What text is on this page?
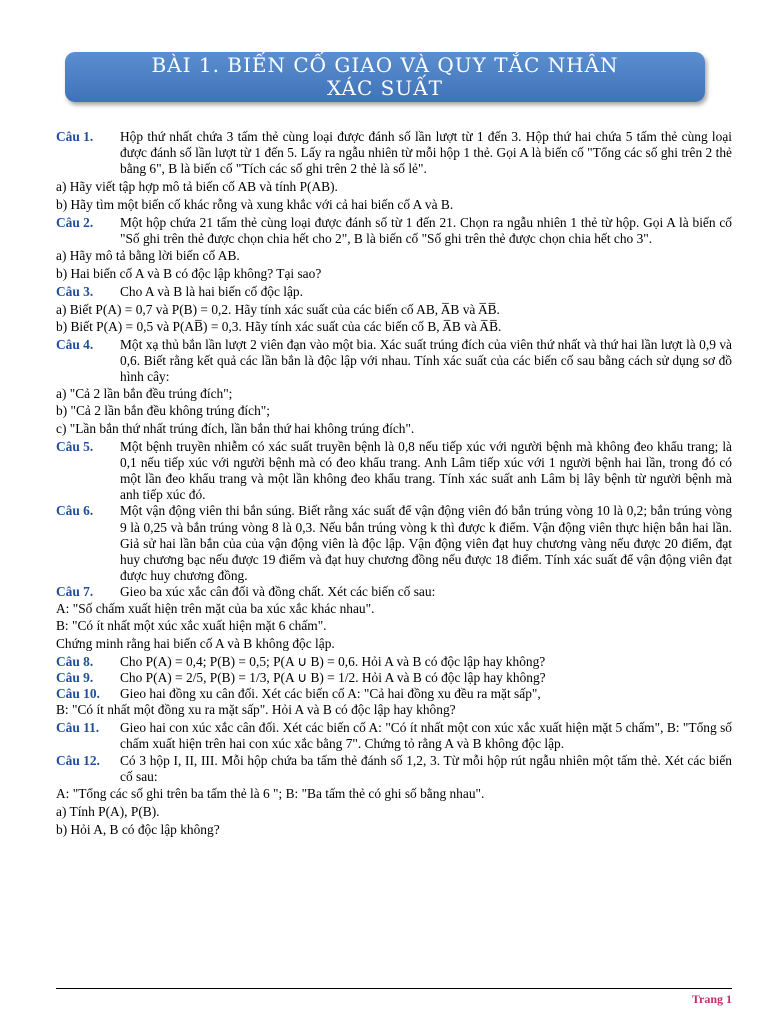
BÀI 1. BIẾN CỐ GIAO VÀ QUY TẮC NHÂN
XÁC SUẤT
Câu 1.	Hộp thứ nhất chứa 3 tấm thẻ cùng loại được đánh số lần lượt từ 1 đến 3. Hộp thứ hai chứa 5 tấm thẻ cùng loại được đánh số lần lượt từ 1 đến 5. Lấy ra ngẫu nhiên từ mỗi hộp 1 thẻ. Gọi A là biến cố "Tổng các số ghi trên 2 thẻ bằng 6", B là biến cố "Tích các số ghi trên 2 thẻ là số lẻ".
a) Hãy viết tập hợp mô tả biến cố AB và tính P(AB).
b) Hãy tìm một biến cố khác rỗng và xung khắc với cả hai biến cố A và B.
Câu 2.	Một hộp chứa 21 tấm thẻ cùng loại được đánh số từ 1 đến 21. Chọn ra ngẫu nhiên 1 thẻ từ hộp. Gọi A là biến cố "Số ghi trên thẻ được chọn chia hết cho 2", B là biến cố "Số ghi trên thẻ được chọn chia hết cho 3".
a) Hãy mô tả bằng lời biến cố AB.
b) Hai biến cố A và B có độc lập không? Tại sao?
Câu 3.	Cho A và B là hai biến cố độc lập.
a) Biết P(A) = 0,7 và P(B) = 0,2. Hãy tính xác suất của các biến cố AB, A̅B và A̅B̅.
b) Biết P(A) = 0,5 và P(AB̅) = 0,3. Hãy tính xác suất của các biến cố B, A̅B và A̅B̅.
Câu 4.	Một xạ thủ bắn lần lượt 2 viên đạn vào một bia. Xác suất trúng đích của viên thứ nhất và thứ hai lần lượt là 0,9 và 0,6. Biết rằng kết quả các lần bắn là độc lập với nhau. Tính xác suất của các biến cố sau bằng cách sử dụng sơ đồ hình cây:
a) "Cả 2 lần bắn đều trúng đích";
b) "Cả 2 lần bắn đều không trúng đích";
c) "Lần bắn thứ nhất trúng đích, lần bắn thứ hai không trúng đích".
Câu 5.	Một bệnh truyền nhiễm có xác suất truyền bệnh là 0,8 nếu tiếp xúc với người bệnh mà không đeo khẩu trang; là 0,1 nếu tiếp xúc với người bệnh mà có đeo khẩu trang. Anh Lâm tiếp xúc với 1 người bệnh hai lần, trong đó có một lần đeo khẩu trang và một lần không đeo khẩu trang. Tính xác suất anh Lâm bị lây bệnh từ người bệnh mà anh tiếp xúc đó.
Câu 6.	Một vận động viên thi bắn súng. Biết rằng xác suất để vận động viên đó bắn trúng vòng 10 là 0,2; bắn trúng vòng 9 là 0,25 và bắn trúng vòng 8 là 0,3. Nếu bắn trúng vòng k thì được k điểm. Vận động viên thực hiện bắn hai lần. Giả sử hai lần bắn của của vận động viên là độc lập. Vận động viên đạt huy chương vàng nếu được 20 điểm, đạt huy chương bạc nếu được 19 điểm và đạt huy chương đồng nếu được 18 điểm. Tính xác suất để vận động viên đạt được huy chương đồng.
Câu 7.	Gieo ba xúc xắc cân đối và đồng chất. Xét các biến cố sau:
A: "Số chấm xuất hiện trên mặt của ba xúc xắc khác nhau".
B: "Có ít nhất một xúc xắc xuất hiện mặt 6 chấm".
Chứng minh rằng hai biến cố A và B không độc lập.
Câu 8.	Cho P(A) = 0,4; P(B) = 0,5; P(A ∪ B) = 0,6. Hỏi A và B có độc lập hay không?
Câu 9.	Cho P(A) = 2/5, P(B) = 1/3, P(A ∪ B) = 1/2. Hỏi A và B có độc lập hay không?
Câu 10.	Gieo hai đồng xu cân đối. Xét các biến cố A: "Cả hai đồng xu đều ra mặt sấp",
B: "Có ít nhất một đồng xu ra mặt sấp". Hỏi A và B có độc lập hay không?
Câu 11.	Gieo hai con xúc xắc cân đối. Xét các biến cố A: "Có ít nhất một con xúc xắc xuất hiện mặt 5 chấm", B: "Tổng số chấm xuất hiện trên hai con xúc xắc bằng 7". Chứng tỏ rằng A và B không độc lập.
Câu 12.	Có 3 hộp I, II, III. Mỗi hộp chứa ba tấm thẻ đánh số 1,2, 3. Từ mỗi hộp rút ngẫu nhiên một tấm thẻ. Xét các biến cố sau:
A: "Tổng các số ghi trên ba tấm thẻ là 6 "; B: "Ba tấm thẻ có ghi số bằng nhau".
a) Tính P(A), P(B).
b) Hỏi A, B có độc lập không?
Trang 1
